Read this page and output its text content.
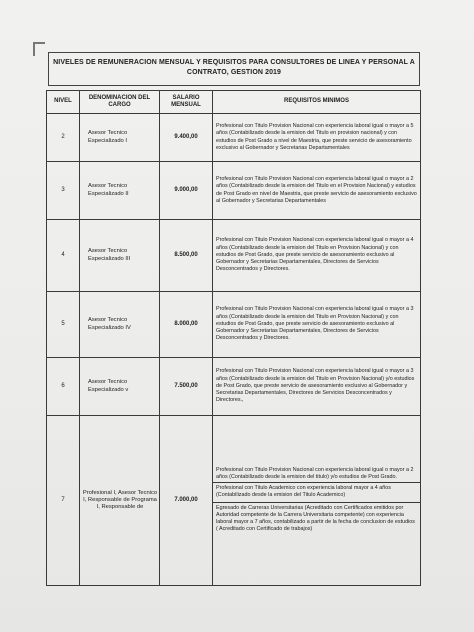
NIVELES DE REMUNERACION MENSUAL Y REQUISITOS PARA CONSULTORES DE LINEA Y PERSONAL A
CONTRATO, GESTION 2019
NIVEL	DENOMINACION DEL CARGO	SALARIO MENSUAL	REQUISITOS MINIMOS
2	Asesor Tecnico Especializado I	9.400,00	Profesional con Titulo Provision Nacional con experiencia laboral igual o mayor a 5 años (Contabilizado desde la emision del Titulo en provision nacional) y con estudios de Post Grado a nivel de Maestria, que preste servicio de asesoramiento exclusivo al Gobernador y Secretarias Departamentales

3	Asesor Tecnico Especializado II	9.000,00	Profesional con Titulo Provision Nacional con experiencia laboral igual o mayor a 2 años (Contabilizado desde la emision del Titulo en el Provision Nacional) y estudios de Post Grado en nivel de Maestria, que preste servicio de asesoramiento exclusivo al Gobernador y Secretarias Departamentales

4	Asesor Tecnico Especializado III	8.500,00	Profesional con Titulo Provision Nacional con experiencia laboral igual o mayor a 4 años (Contabilizado desde la emision del Titulo en Provision Nacional) y con estudios de Post Grado, que preste servicio de asesoramiento exclusivo al Gobernador y Secretarias Departamentales, Directores de Servicios Desconcentrados y Directores.

5	Asesor Tecnico Especializado IV	8.000,00	Profesional con Titulo Provision Nacional con experiencia laboral igual o mayor a 3 años (Contabilizado desde la emision del Titulo en Provision Nacional) y con estudios de Post Grado, que preste servicio de asesoramiento exclusivo al Gobernador y Secretarias Departamentales, Directores de Servicios Desconcentrados y Directores.

6	Asesor Tecnico Especializado v	7.500,00	Profesional con Titulo Provision Nacional con experiencia laboral igual o mayor a 3 años (Contabilizado desde la emision del Titulo en Provision Nacional) y/o estudios de Post Grado, que preste servicio de asesoramiento exclusivo al Gobernador y Secretarias Departamentales, Directores de Servicios Desconcentrados y Directores.,

7	Profesional I, Asesor Tecnico I, Responsable de Programa I, Responsable de	7.000,00	Profesional con Titulo Provision Nacional con experiencia laboral igual o mayor a 2 años (Contabilizado desde la emision del titulo) y/o estudios de Post Grado.
Profesional con Titulo Academico con experiencia laboral mayor a 4 años (Contabilizado desde la emision del Titulo Academico)
Egresado de Carreras Universitarias (Acreditado con Certificados emitidos por Autoridad competente de la Carrera Universitaria competente) con experiencia laboral mayor a 7 años, contabilizado a partir de la fecha de conclusion de estudios ( Acreditado con Certificado de trabajos)
